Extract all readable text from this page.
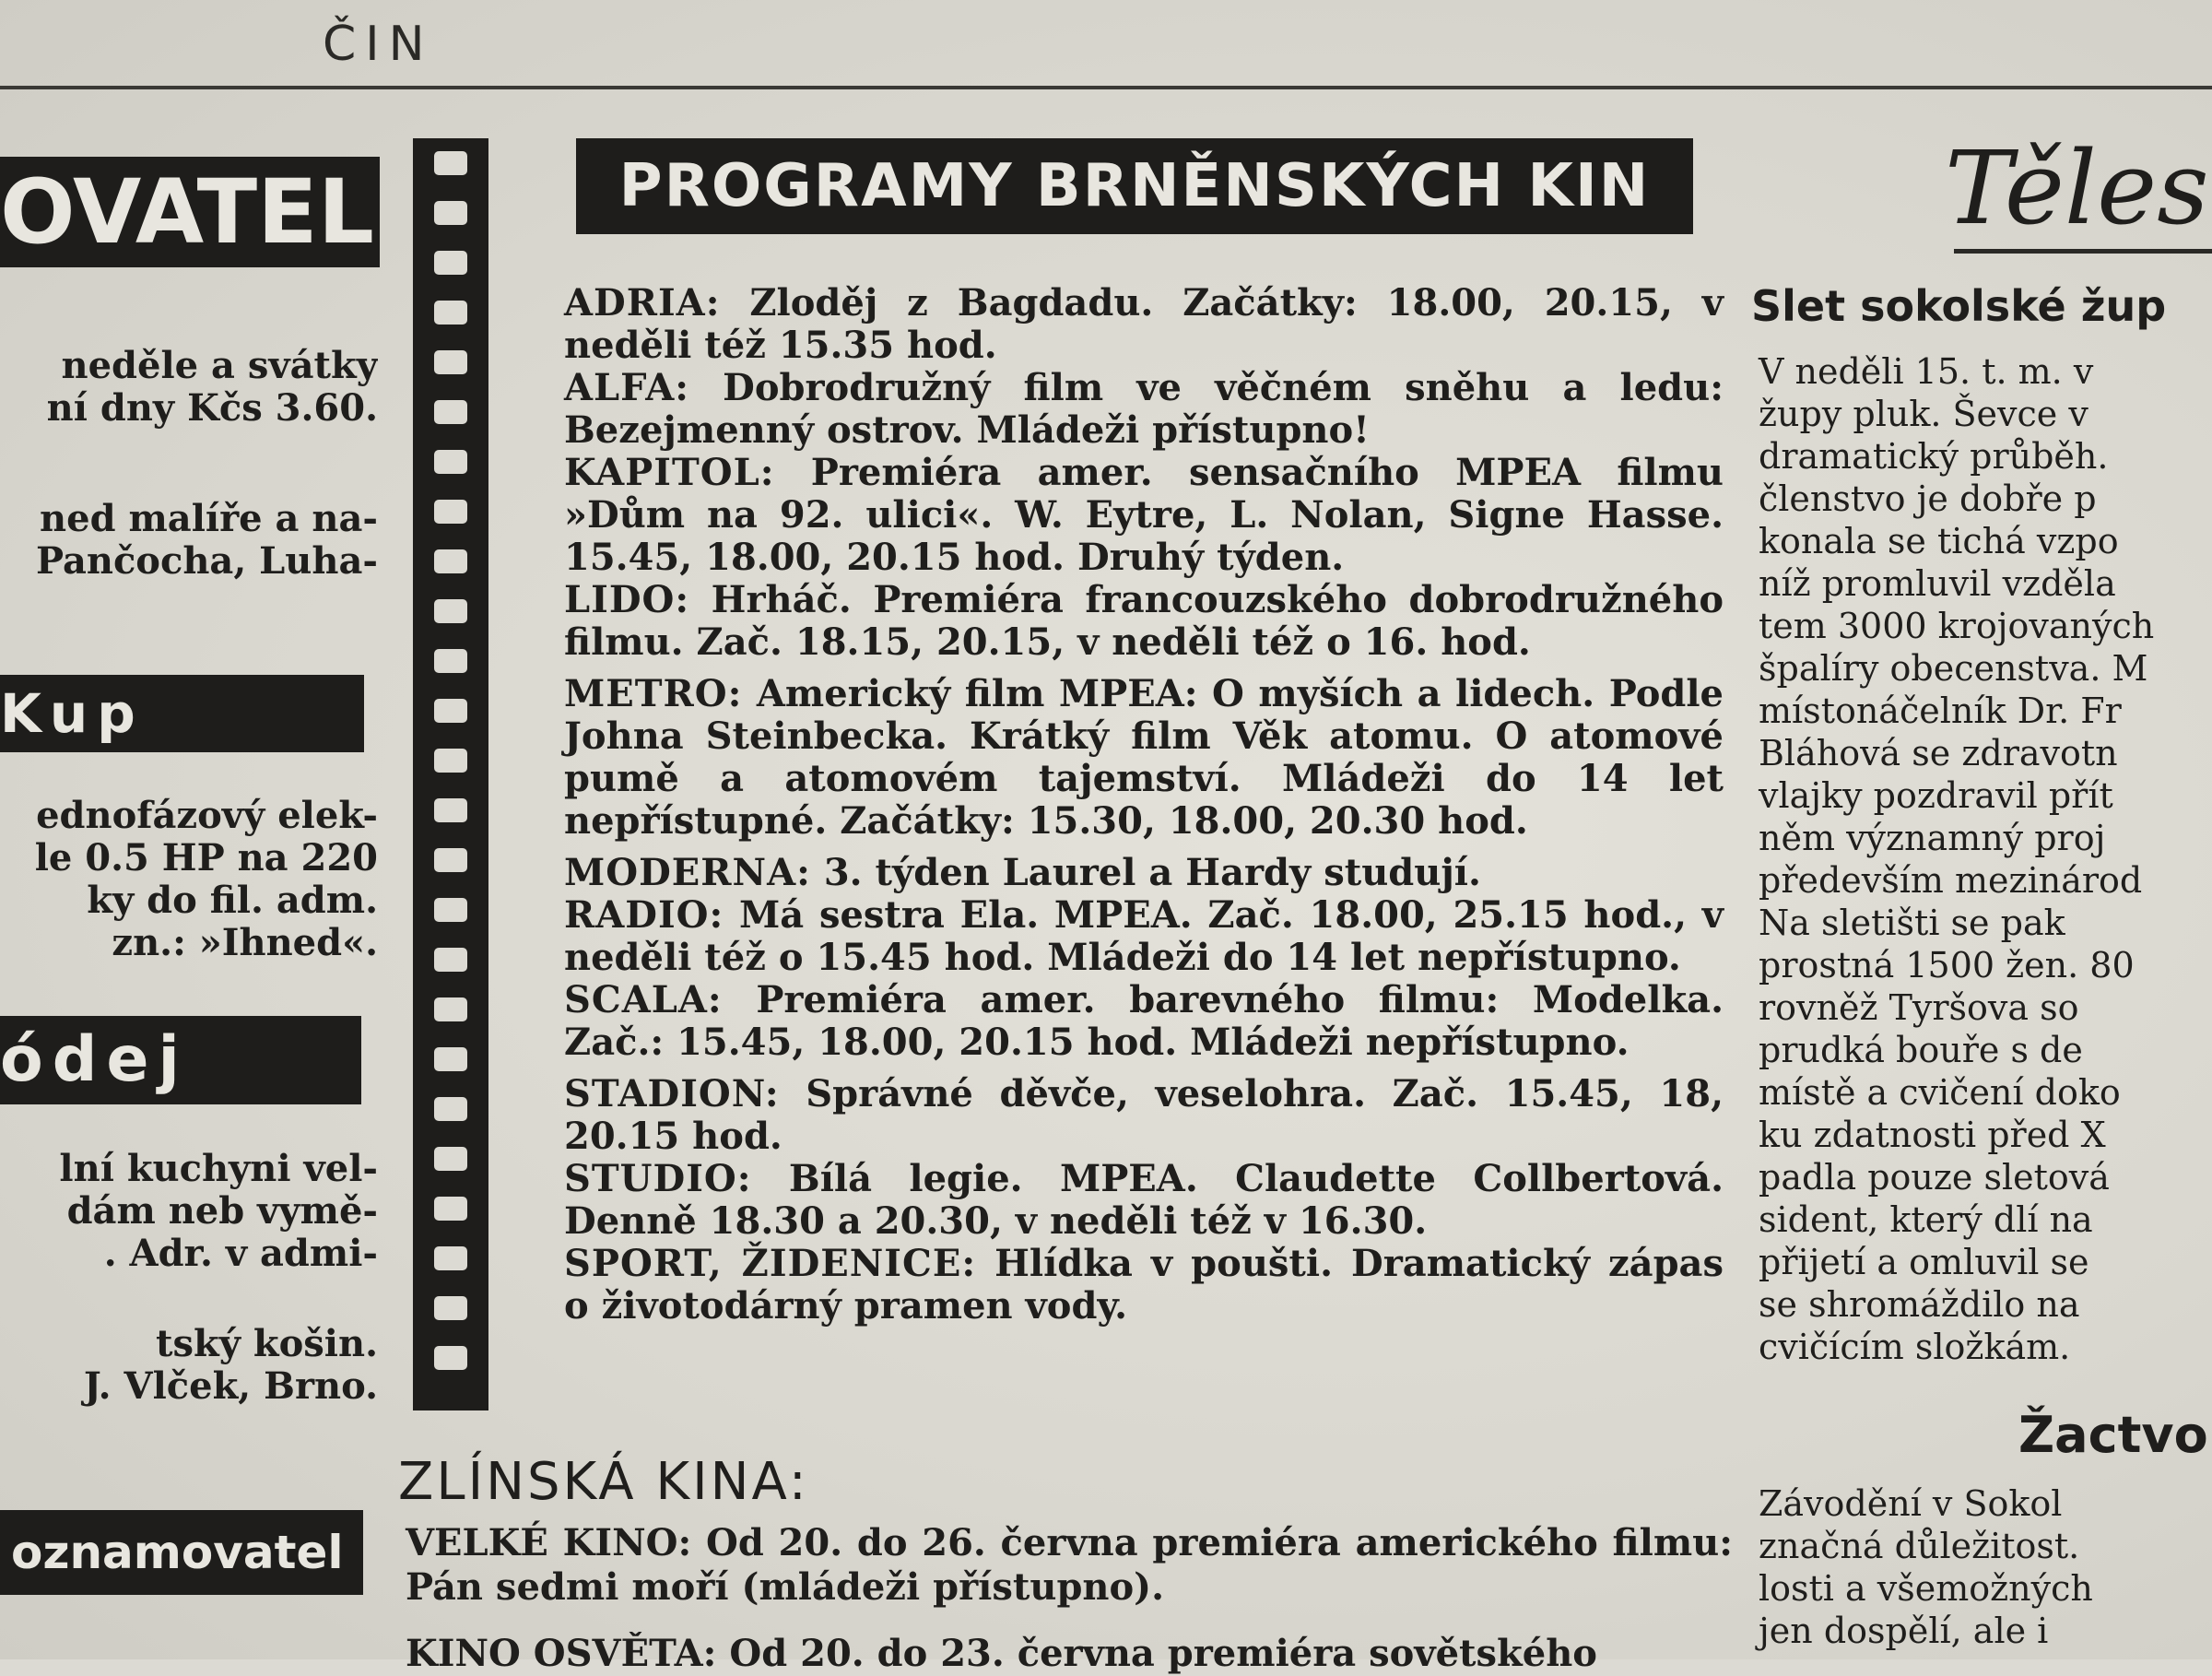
ČIN
OVATEL
neděle a svátky
ní dny Kčs 3.60.
ned malíře a na-
Pančocha, Luha-
Kup
ednofázový elek-
le 0.5 HP na 220
ky do fil. adm.
zn.: »Ihned«.
ódej
lní kuchyni vel-
dám neb vymě-
. Adr. v admi-
tský košin.
J. Vlček, Brno.
oznamovatel
PROGRAMY BRNĚNSKÝCH KIN

ADRIA: Zloděj z Bagdadu. Začátky: 18.00, 20.15, v neděli též 15.35 hod.

ALFA: Dobrodružný film ve věčném sněhu a ledu: Bezejmenný ostrov. Mládeži přístupno!

KAPITOL: Premiéra amer. sensačního MPEA filmu »Dům na 92. ulici«. W. Eytre, L. Nolan, Signe Hasse. 15.45, 18.00, 20.15 hod. Druhý týden.

LIDO: Hrháč. Premiéra francouzského dobrodružného filmu. Zač. 18.15, 20.15, v neděli též o 16. hod.

METRO: Americký film MPEA: O myších a lidech. Podle Johna Steinbecka. Krátký film Věk atomu. O atomové pumě a atomovém tajemství. Mládeži do 14 let nepřístupné. Začátky: 15.30, 18.00, 20.30 hod.

MODERNA: 3. týden Laurel a Hardy studují.

RADIO: Má sestra Ela. MPEA. Zač. 18.00, 25.15 hod., v neděli též o 15.45 hod. Mládeži do 14 let nepřístupno.

SCALA: Premiéra amer. barevného filmu: Modelka. Zač.: 15.45, 18.00, 20.15 hod. Mládeži nepřístupno.

STADION: Správné děvče, veselohra. Zač. 15.45, 18, 20.15 hod.

STUDIO: Bílá legie. MPEA. Claudette Collbertová. Denně 18.30 a 20.30, v neděli též v 16.30.

SPORT, ŽIDENICE: Hlídka v poušti. Dramatický zápas o životodárný pramen vody.

ZLÍNSKÁ KINA:

VELKÉ KINO: Od 20. do 26. června premiéra amerického filmu: Pán sedmi moří (mládeži přístupno).

KINO OSVĚTA: Od 20. do 23. června premiéra sovětského
Těles
Slet sokolské žup
V neděli 15. t. m. v
župy pluk. Ševce v
dramatický průběh.
členstvo je dobře p
konala se tichá vzpo
níž promluvil vzděla
tem 3000 krojovaných
špalíry obecenstva. M
místonáčelník Dr. Fr
Bláhová se zdravotn
vlajky pozdravil přít
něm významný proj
především mezinárod
Na sletišti se pak
prostná 1500 žen. 80
rovněž Tyršova so
prudká bouře s de
místě a cvičení doko
ku zdatnosti před X
padla pouze sletová
sident, který dlí na
přijetí a omluvil se
se shromáždilo na
cvičícím složkám.
Žactvo
Závodění v Sokol
značná důležitost.
losti a všemožných
jen dospělí, ale i
